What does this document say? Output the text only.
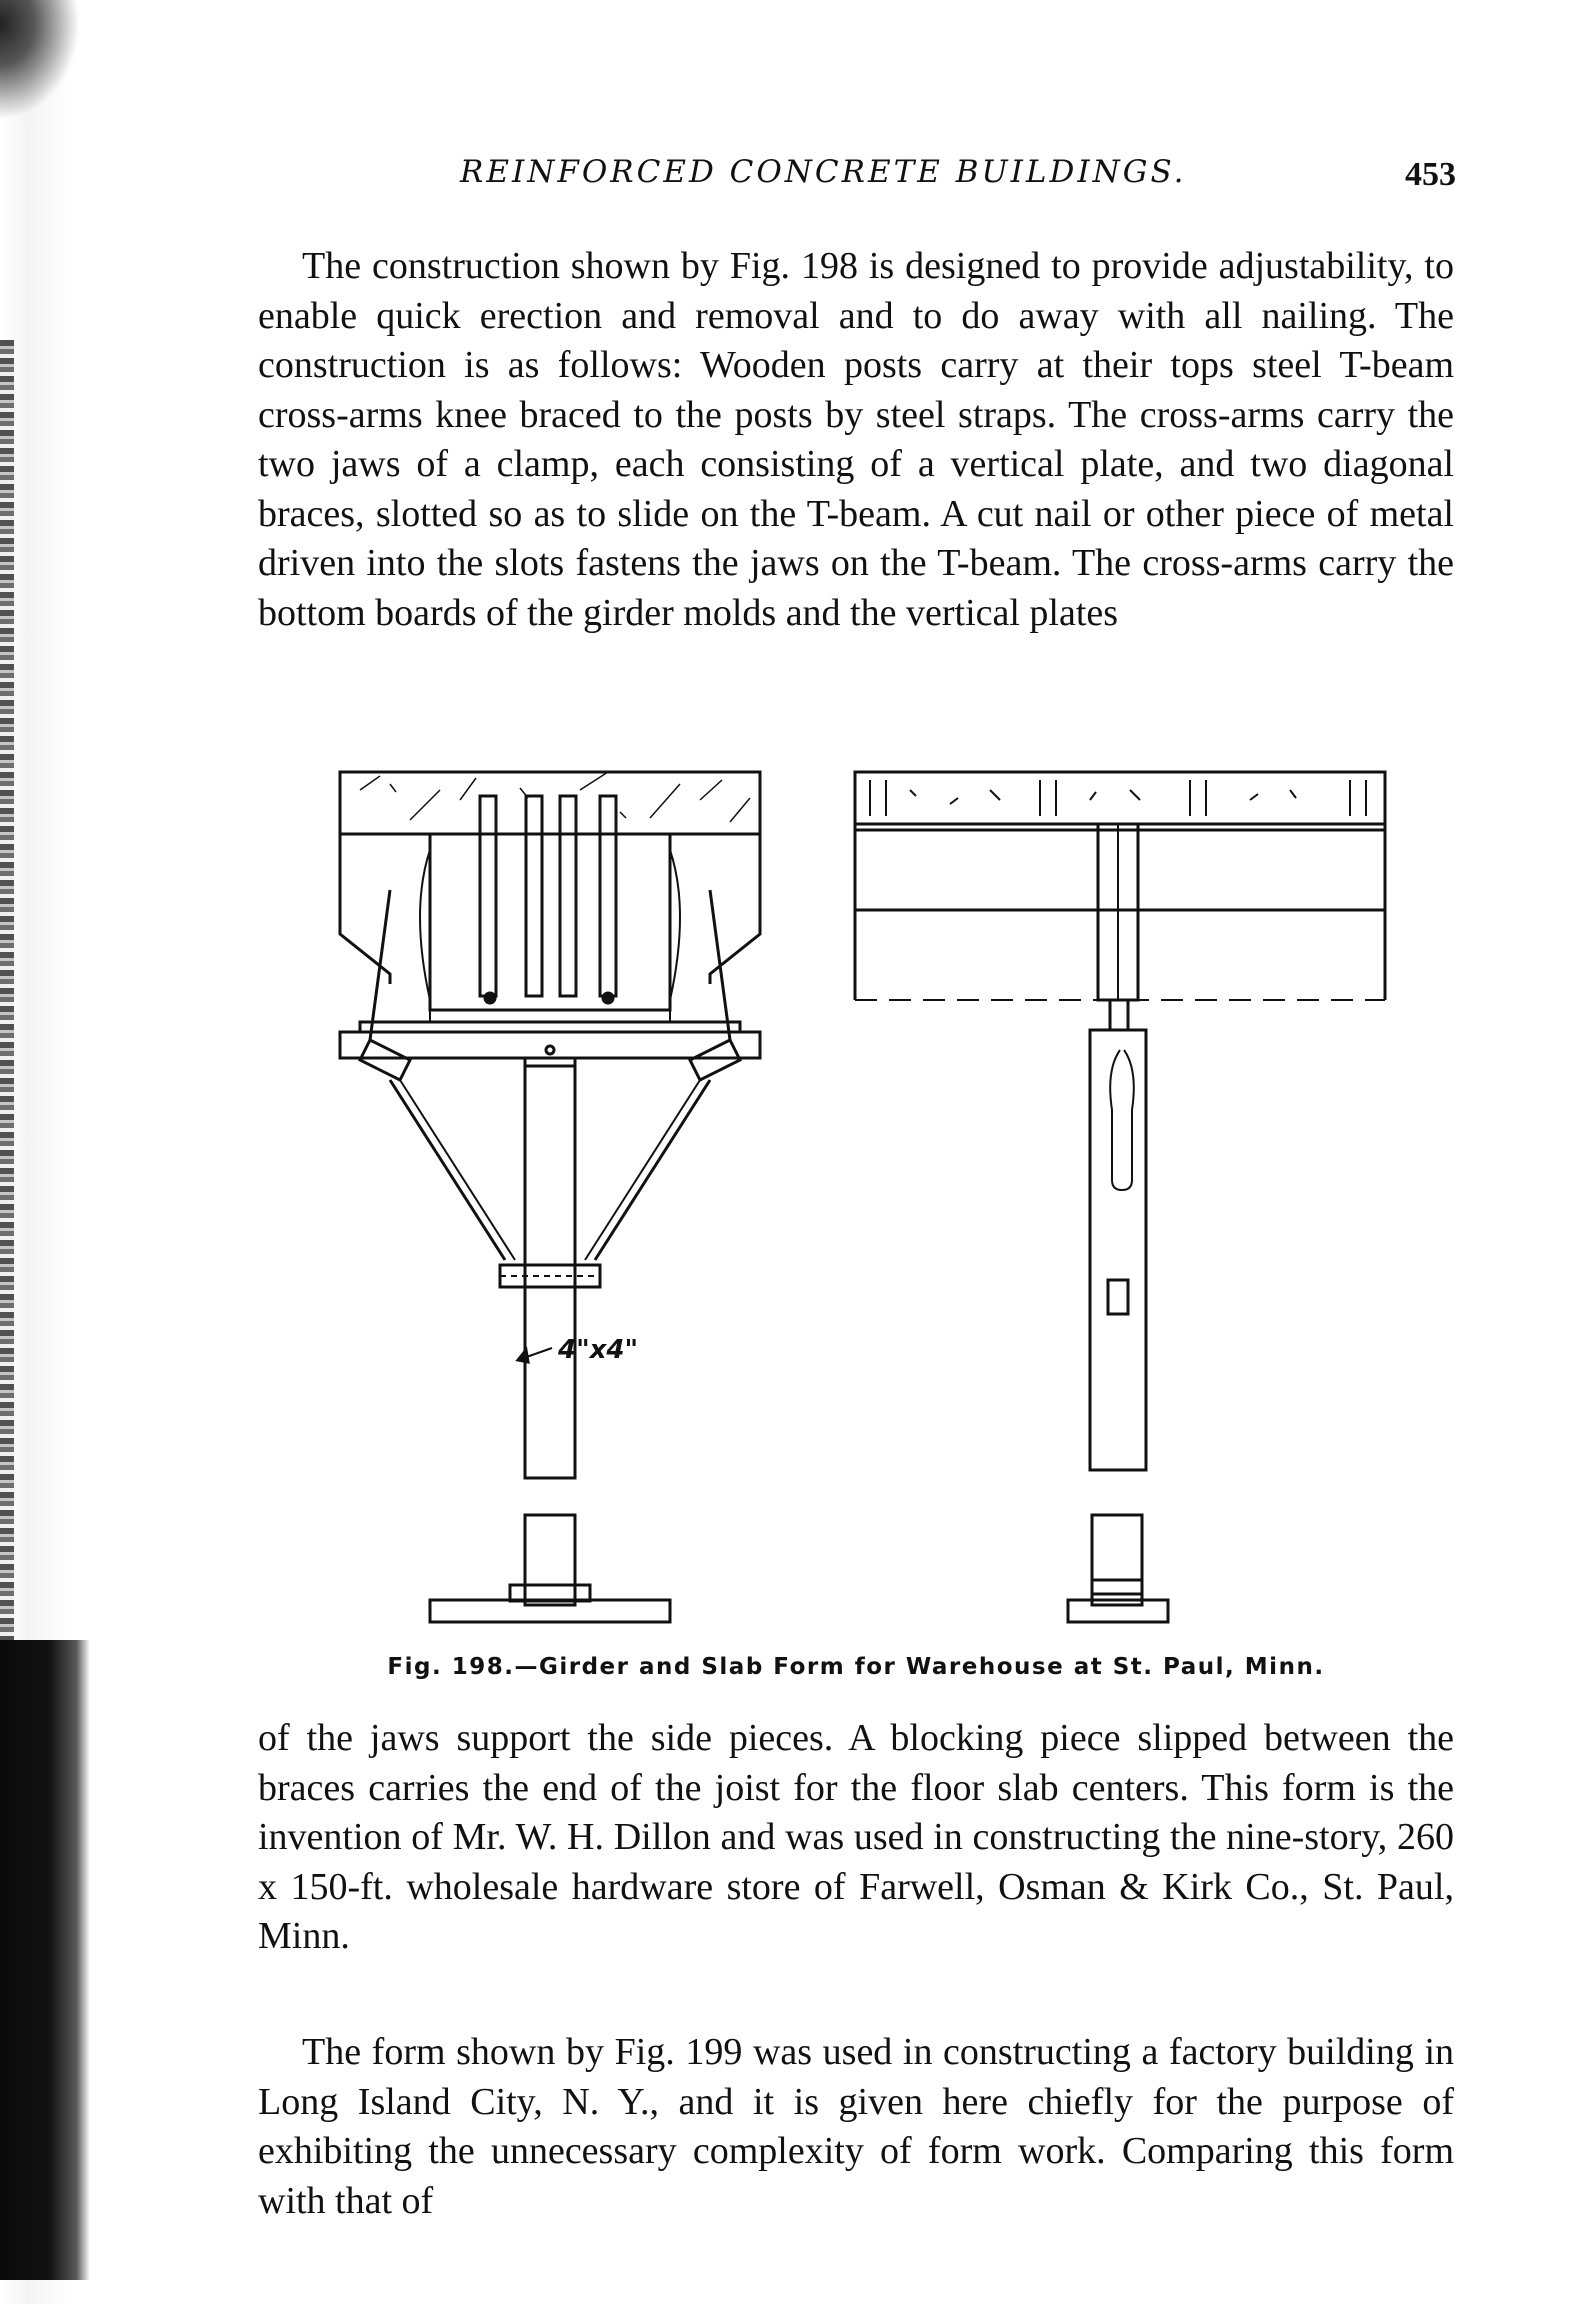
REINFORCED CONCRETE BUILDINGS.	453

The construction shown by Fig. 198 is designed to provide adjustability, to enable quick erection and removal and to do away with all nailing. The construction is as follows: Wooden posts carry at their tops steel T-beam cross-arms knee braced to the posts by steel straps. The cross-arms carry the two jaws of a clamp, each consisting of a vertical plate, and two diagonal braces, slotted so as to slide on the T-beam. A cut nail or other piece of metal driven into the slots fastens the jaws on the T-beam. The cross-arms carry the bottom boards of the girder molds and the vertical plates

4"x4"
Fig. 198.—Girder and Slab Form for Warehouse at St. Paul, Minn.

of the jaws support the side pieces. A blocking piece slipped between the braces carries the end of the joist for the floor slab centers. This form is the invention of Mr. W. H. Dillon and was used in constructing the nine-story, 260 x 150-ft. wholesale hardware store of Farwell, Osman & Kirk Co., St. Paul, Minn.

The form shown by Fig. 199 was used in constructing a factory building in Long Island City, N. Y., and it is given here chiefly for the purpose of exhibiting the unnecessary complexity of form work. Comparing this form with that of
